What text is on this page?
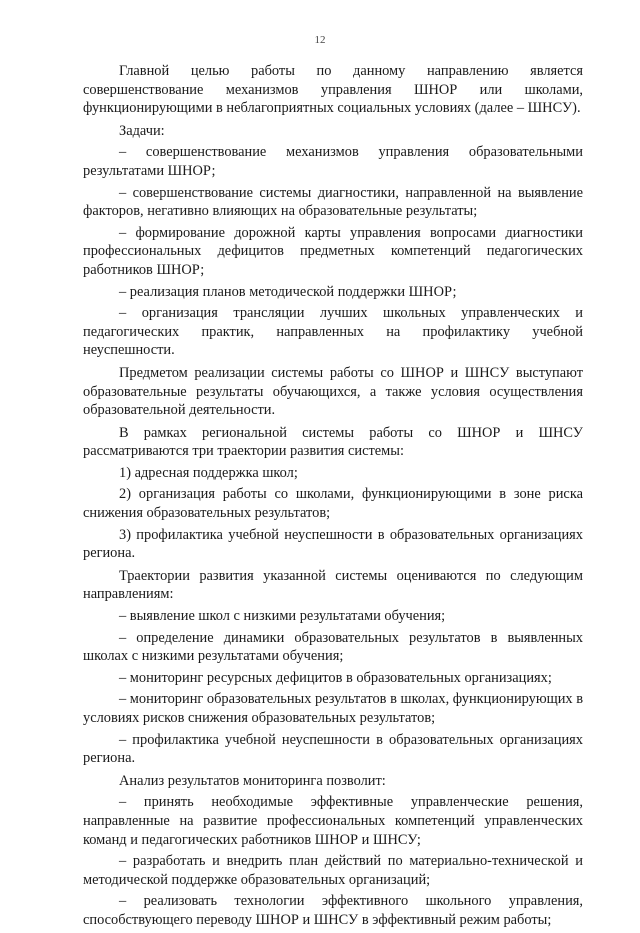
12

Главной целью работы по данному направлению является совершенствование механизмов управления ШНОР или школами, функционирующими в неблагоприятных социальных условиях (далее – ШНСУ).

Задачи:

– совершенствование механизмов управления образовательными результатами ШНОР;

– совершенствование системы диагностики, направленной на выявление факторов, негативно влияющих на образовательные результаты;

– формирование дорожной карты управления вопросами диагностики профессиональных дефицитов предметных компетенций педагогических работников ШНОР;

– реализация планов методической поддержки ШНОР;

– организация трансляции лучших школьных управленческих и педагогических практик, направленных на профилактику учебной неуспешности.

Предметом реализации системы работы со ШНОР и ШНСУ выступают образовательные результаты обучающихся, а также условия осуществления образовательной деятельности.

В рамках региональной системы работы со ШНОР и ШНСУ рассматриваются три траектории развития системы:

1) адресная поддержка школ;

2) организация работы со школами, функционирующими в зоне риска снижения образовательных результатов;

3) профилактика учебной неуспешности в образовательных организациях региона.

Траектории развития указанной системы оцениваются по следующим направлениям:

– выявление школ с низкими результатами обучения;

– определение динамики образовательных результатов в выявленных школах с низкими результатами обучения;

– мониторинг ресурсных дефицитов в образовательных организациях;

– мониторинг образовательных результатов в школах, функционирующих в условиях рисков снижения образовательных результатов;

– профилактика учебной неуспешности в образовательных организациях региона.

Анализ результатов мониторинга позволит:

– принять необходимые эффективные управленческие решения, направленные на развитие профессиональных компетенций управленческих команд и педагогических работников ШНОР и ШНСУ;

– разработать и внедрить план действий по материально-технической и методической поддержке образовательных организаций;

– реализовать технологии эффективного школьного управления, способствующего переводу ШНОР и ШНСУ в эффективный режим работы;
